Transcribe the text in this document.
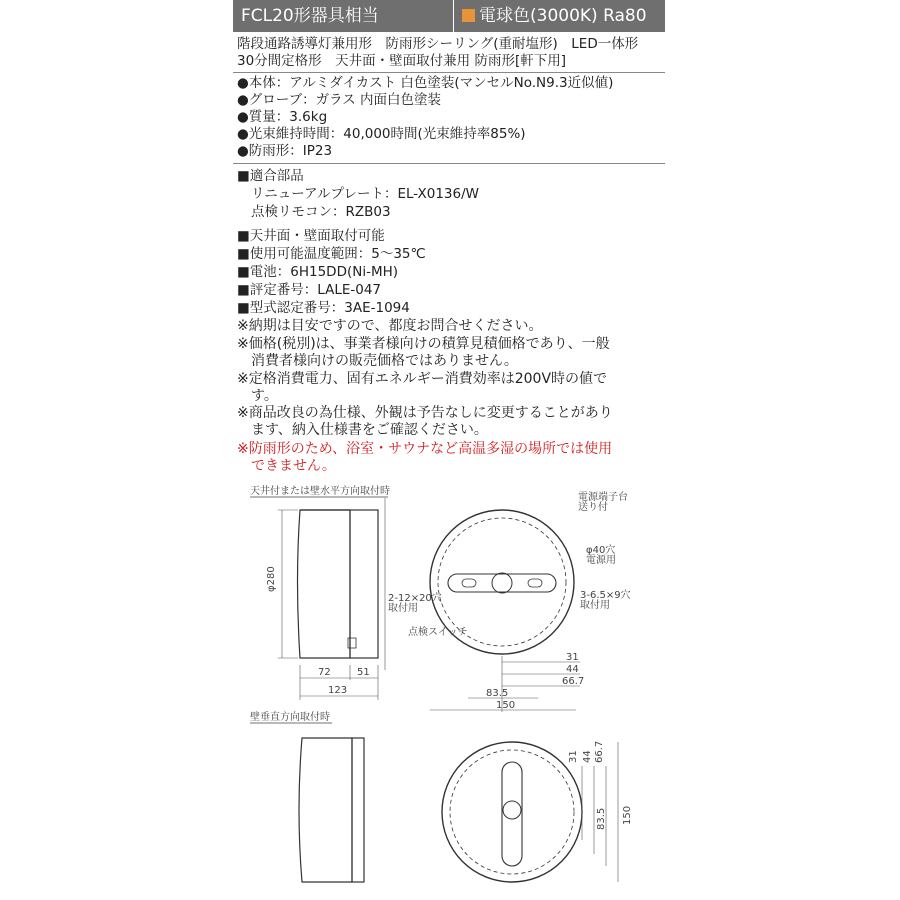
FCL20形器具相当	電球色(3000K) Ra80
階段通路誘導灯兼用形　防雨形シーリング(重耐塩形)　LED一体形
30分間定格形　天井面・壁面取付兼用 防雨形[軒下用]
●本体：アルミダイカスト 白色塗装(マンセルNo.N9.3近似値)
●グローブ：ガラス 内面白色塗装
●質量：3.6kg
●光束維持時間：40,000時間(光束維持率85%)
●防雨形：IP23
■適合部品
リニューアルプレート：EL-X0136/W
点検リモコン：RZB03
■天井面・壁面取付可能
■使用可能温度範囲：5～35℃
■電池：6H15DD(Ni-MH)
■評定番号：LALE-047
■型式認定番号：3AE-1094
※納期は目安ですので、都度お問合せください。
※価格(税別)は、事業者様向けの積算見積価格であり、一般
　消費者様向けの販売価格ではありません。
※定格消費電力、固有エネルギー消費効率は200V時の値で
　す。
※商品改良の為仕様、外観は予告なしに変更することがあり
　ます、納入仕様書をご確認ください。
※防雨形のため、浴室・サウナなど高温多湿の場所では使用
　できません。
天井付または壁水平方向取付時
壁垂直方向取付時
φ280
72	51
123
電源端子台
送り付
φ40穴
電源用
2-12×20穴
取付用
3-6.5×9穴
取付用
点検スイッチ
31
44
66.7
83.5
150
31 44 66.7
83.5 150
